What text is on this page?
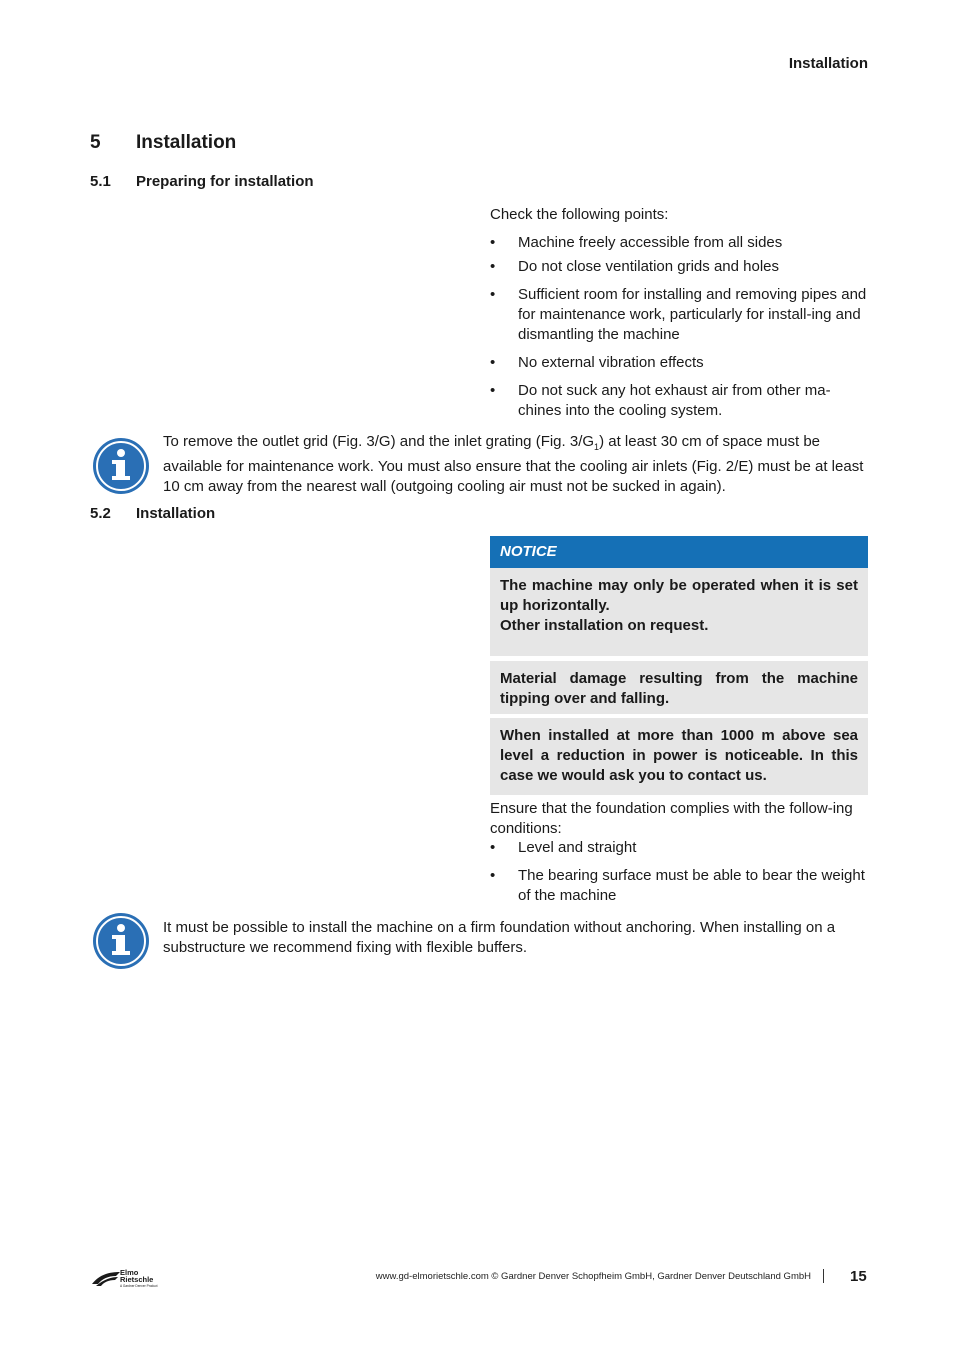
Installation
5 Installation
5.1 Preparing for installation
Check the following points:
• Machine freely accessible from all sides
• Do not close ventilation grids and holes
• Sufficient room for installing and removing pipes and for maintenance work, particularly for install-ing and dismantling the machine
• No external vibration effects
• Do not suck any hot exhaust air from other ma-chines into the cooling system.
To remove the outlet grid (Fig. 3/G) and the inlet grating (Fig. $3/G_1$) at least 30 cm of space must be available for maintenance work. You must also ensure that the cooling air inlets (Fig. 2/E) must be at least 10 cm away from the nearest wall (outgoing cooling air must not be sucked in again).
5.2 Installation
NOTICE
The machine may only be operated when it is set up horizontally.
Other installation on request.
Material damage resulting from the machine tipping over and falling.
When installed at more than 1000 m above sea level a reduction in power is noticeable. In this case we would ask you to contact us.
Ensure that the foundation complies with the follow-ing conditions:
• Level and straight
• The bearing surface must be able to bear the weight of the machine
It must be possible to install the machine on a firm foundation without anchoring. When installing on a substructure we recommend fixing with flexible buffers.
Elmo
Rietschle
A Gardner Denver Product
www.gd-elmorietschle.com © Gardner Denver Schopfheim GmbH, Gardner Denver Deutschland GmbH	15
